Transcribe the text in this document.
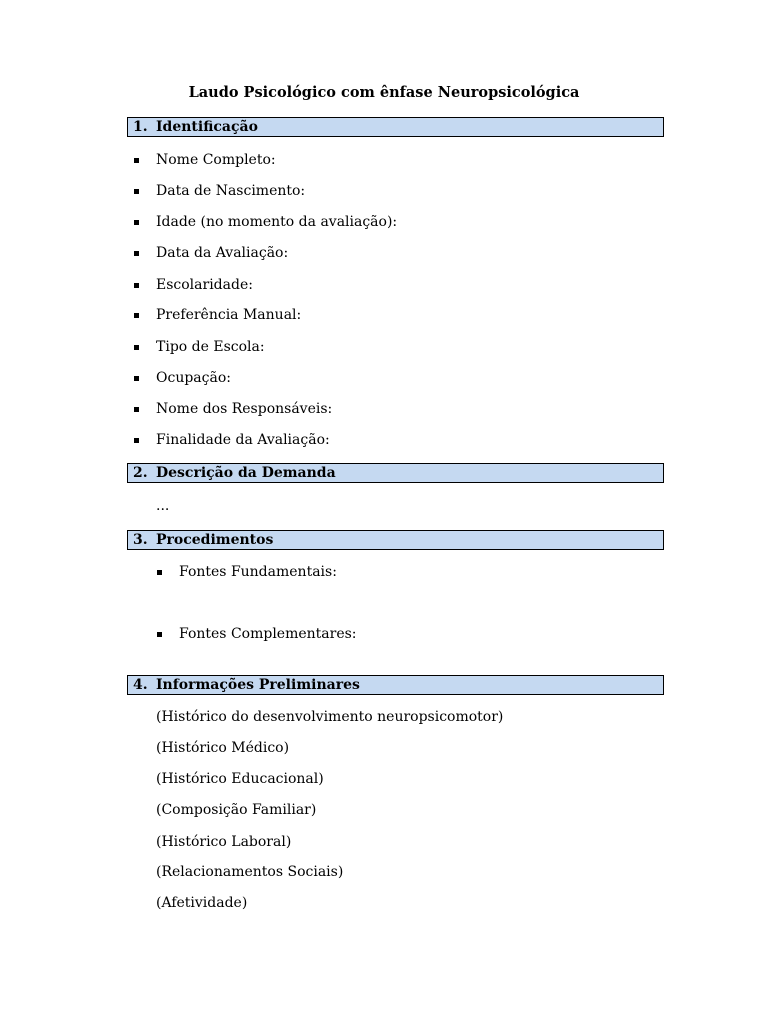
Laudo Psicológico com ênfase Neuropsicológica
1. Identificação
Nome Completo:
Data de Nascimento:
Idade (no momento da avaliação):
Data da Avaliação:
Escolaridade:
Preferência Manual:
Tipo de Escola:
Ocupação:
Nome dos Responsáveis:
Finalidade da Avaliação:
2. Descrição da Demanda
...
3. Procedimentos
Fontes Fundamentais:
Fontes Complementares:
4. Informações Preliminares
(Histórico do desenvolvimento neuropsicomotor)
(Histórico Médico)
(Histórico Educacional)
(Composição Familiar)
(Histórico Laboral)
(Relacionamentos Sociais)
(Afetividade)
